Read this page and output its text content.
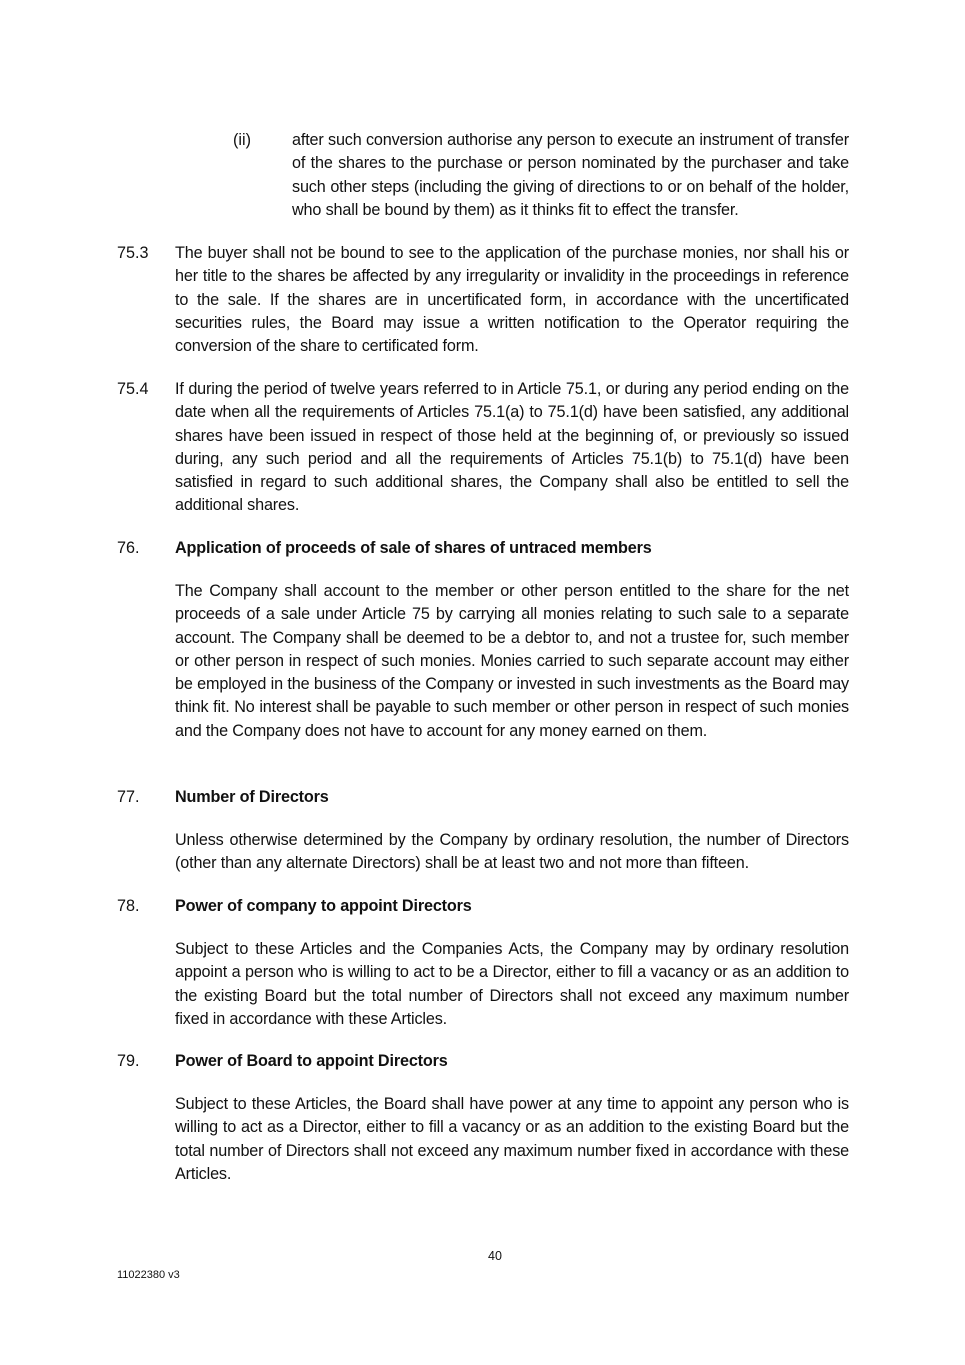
(ii)	after such conversion authorise any person to execute an instrument of transfer of the shares to the purchase or person nominated by the purchaser and take such other steps (including the giving of directions to or on behalf of the holder, who shall be bound by them) as it thinks fit to effect the transfer.
75.3 The buyer shall not be bound to see to the application of the purchase monies, nor shall his or her title to the shares be affected by any irregularity or invalidity in the proceedings in reference to the sale. If the shares are in uncertificated form, in accordance with the uncertificated securities rules, the Board may issue a written notification to the Operator requiring the conversion of the share to certificated form.
75.4 If during the period of twelve years referred to in Article 75.1, or during any period ending on the date when all the requirements of Articles 75.1(a) to 75.1(d) have been satisfied, any additional shares have been issued in respect of those held at the beginning of, or previously so issued during, any such period and all the requirements of Articles 75.1(b) to 75.1(d) have been satisfied in regard to such additional shares, the Company shall also be entitled to sell the additional shares.
76. Application of proceeds of sale of shares of untraced members
The Company shall account to the member or other person entitled to the share for the net proceeds of a sale under Article 75 by carrying all monies relating to such sale to a separate account. The Company shall be deemed to be a debtor to, and not a trustee for, such member or other person in respect of such monies. Monies carried to such separate account may either be employed in the business of the Company or invested in such investments as the Board may think fit. No interest shall be payable to such member or other person in respect of such monies and the Company does not have to account for any money earned on them.
77. Number of Directors
Unless otherwise determined by the Company by ordinary resolution, the number of Directors (other than any alternate Directors) shall be at least two and not more than fifteen.
78. Power of company to appoint Directors
Subject to these Articles and the Companies Acts, the Company may by ordinary resolution appoint a person who is willing to act to be a Director, either to fill a vacancy or as an addition to the existing Board but the total number of Directors shall not exceed any maximum number fixed in accordance with these Articles.
79. Power of Board to appoint Directors
Subject to these Articles, the Board shall have power at any time to appoint any person who is willing to act as a Director, either to fill a vacancy or as an addition to the existing Board but the total number of Directors shall not exceed any maximum number fixed in accordance with these Articles.
40
11022380 v3
